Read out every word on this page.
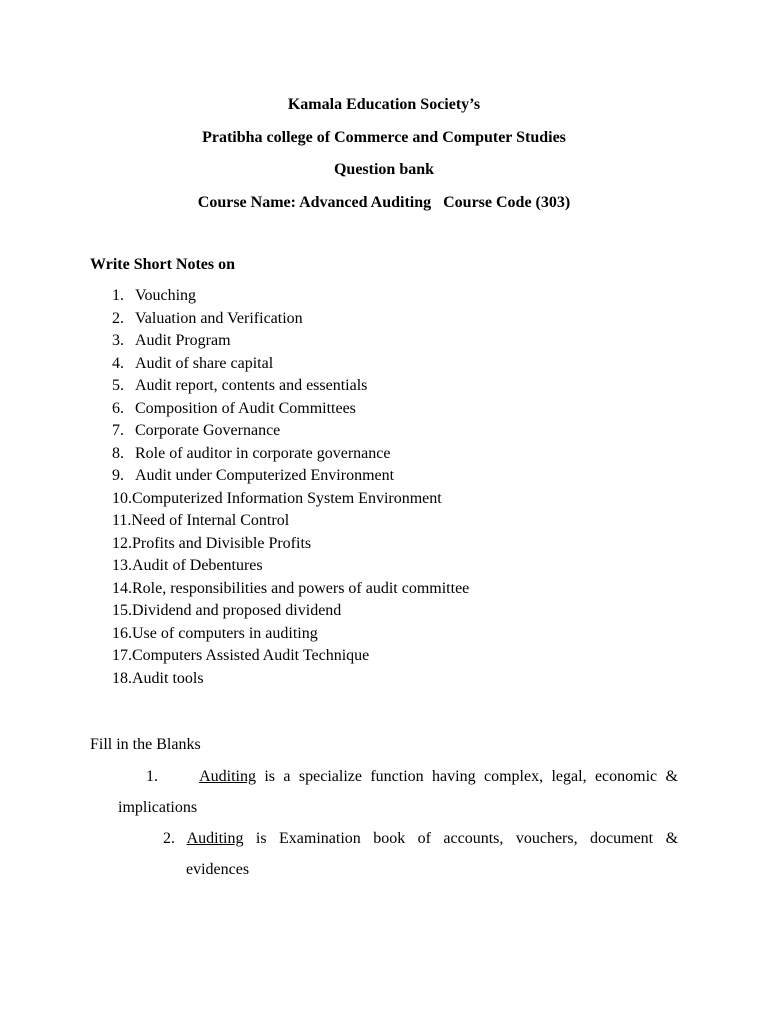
Kamala Education Society’s
Pratibha college of Commerce and Computer Studies
Question bank
Course Name: Advanced Auditing   Course Code (303)
Write Short Notes on
1. Vouching
2. Valuation and Verification
3. Audit Program
4. Audit of share capital
5. Audit report, contents and essentials
6. Composition of Audit Committees
7. Corporate Governance
8. Role of auditor in corporate governance
9. Audit under Computerized Environment
10.Computerized Information System Environment
11.Need of Internal Control
12.Profits and Divisible Profits
13.Audit of Debentures
14.Role, responsibilities and powers of audit committee
15.Dividend and proposed dividend
16.Use of computers in auditing
17.Computers Assisted Audit Technique
18.Audit tools
Fill in the Blanks
1.	Auditing is a specialize function having complex, legal, economic &
implications
2. Auditing is Examination book of accounts, vouchers, document &
evidences
